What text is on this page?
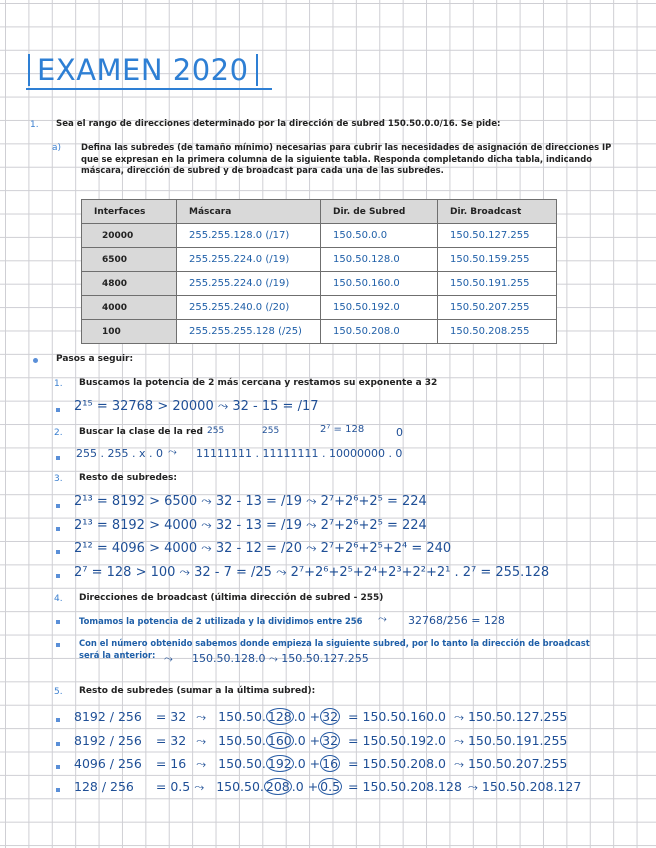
EXAMEN 2020
1. Sea el rango de direcciones determinado por la dirección de subred 150.50.0.0/16. Se pide:
a) Defina las subredes (de tamaño mínimo) necesarias para cubrir las necesidades de asignación de direcciones IP que se expresan en la primera columna de la siguiente tabla. Responda completando dicha tabla, indicando máscara, dirección de subred y de broadcast para cada una de las subredes.
Interfaces	Máscara	Dir. de Subred	Dir. Broadcast
20000	255.255.128.0 (/17)	150.50.0.0	150.50.127.255
6500	255.255.224.0 (/19)	150.50.128.0	150.50.159.255
4800	255.255.224.0 (/19)	150.50.160.0	150.50.191.255
4000	255.255.240.0 (/20)	150.50.192.0	150.50.207.255
100	255.255.255.128 (/25)	150.50.208.0	150.50.208.255
Pasos a seguir:
1. Buscamos la potencia de 2 más cercana y restamos su exponente a 32
2¹⁵ = 32768 > 20000 ⤳ 32 - 15 = /17
2. Buscar la clase de la red 255	255	2⁷ = 128	0
255 . 255 . x . 0 ⤳ 11111111 . 11111111 . 10000000 . 0
3. Resto de subredes:
2¹³ = 8192 > 6500 ⤳ 32 - 13 = /19 ⤳ 2⁷+2⁶+2⁵ = 224
2¹³ = 8192 > 4000 ⤳ 32 - 13 = /19 ⤳ 2⁷+2⁶+2⁵ = 224
2¹² = 4096 > 4000 ⤳ 32 - 12 = /20 ⤳ 2⁷+2⁶+2⁵+2⁴ = 240
2⁷ = 128 > 100 ⤳ 32 - 7 = /25 ⤳ 2⁷+2⁶+2⁵+2⁴+2³+2²+2¹ . 2⁷ = 255.128
4. Direcciones de broadcast (última dirección de subred - 255)
Tomamos la potencia de 2 utilizada y la dividimos entre 256 ⤳ 32768/256 = 128
Con el número obtenido sabemos donde empieza la siguiente subred, por lo tanto la dirección de broadcast será la anterior: ⤳ 150.50.128.0 ⤳ 150.50.127.255
5. Resto de subredes (sumar a la última subred):
8192 / 256 = 32 ⤳ 150.50. 128 .0 + 32 = 150.50.160.0 ⤳ 150.50.127.255
8192 / 256 = 32 ⤳ 150.50. 160 .0 + 32 = 150.50.192.0 ⤳ 150.50.191.255
4096 / 256 = 16 ⤳ 150.50. 192 .0 + 16 = 150.50.208.0 ⤳ 150.50.207.255
128 / 256 = 0.5 ⤳ 150.50. 208 .0 + 0.5 = 150.50.208.128 ⤳ 150.50.208.127
